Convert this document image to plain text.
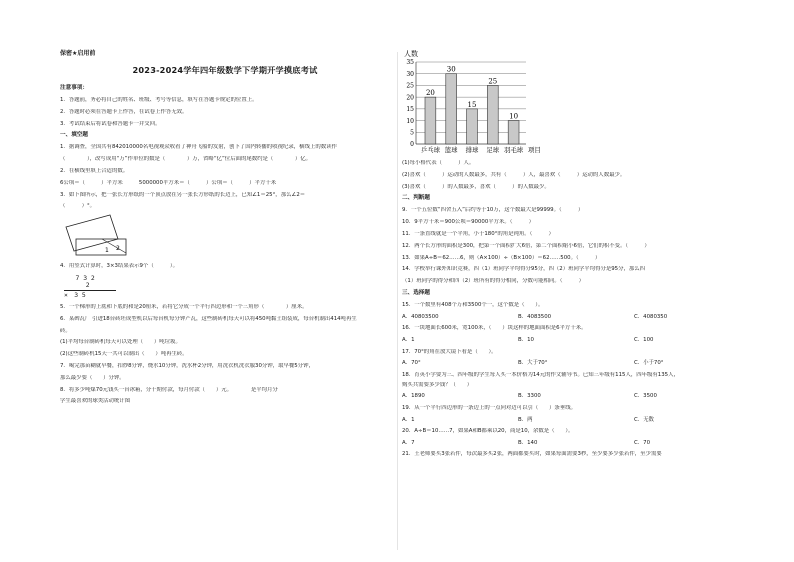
保密★启用前
2023-2024学年四年级数学下学期开学摸底考试
注意事项：
1．答题前，务必将自己的姓名、班级、考号等信息，填写在答题卡规定的位置上。
2．答题时必须在答题卡上作答，在试卷上作答无效。
3．考试结束后将试卷和答题卡一并交回。
一、填空题
1．据调查，全国共有842010000名电视观众收看了神舟飞船的发射，创下了国内转播的收视纪录，横线上的数读作
（　　　　），改写成用“万”作单位的数是（　　　　）万，省略“亿”位后面的尾数约是（　　　　）亿。
2．在横线里填上合适的数。
6公顷＝（　　　）平方米　　　5000000平方米＝（　　　）公顷＝（　　　）平方千米
3．如下图所示，把一张长方形纸的一个顶点放在另一张长方形纸的长边上，已知∠1＝25°，那么∠2＝
（　　　）°。
1 2
4．用竖式计算时，3×3结果表示9个（　　　）。
7 3 2
　2
×　3 5
5．一个梯形的上底和下底的和是20厘米，若将它分成一个平行四边形和一个三角形（　　　　）厘米。
6．某碑瓦厂 引进18台砖坯成型机以后每台机每分钟产瓦，这些制砖机每天可以将450吨黏土组装成，每台机制出414吨再生
砖。
(1)平均每台制砖机每天可以处理（　　）吨垃圾。
(2)这些制砖机15天一共可以制出（　　）吨再生砖。
7．喝完那苗糊就早餐，扣炒8分钟，烧水10分钟，洗水杯2分钟，用洗衣机洗衣服30分钟，取早餐5分钟，
那么最少要（　　）分钟。
8．将多少吨煤70元钱买一台冰箱，分十期付款，每月付款（　　）元。　　　　是平均月分
学生最喜欢的球类活动统计图
人数
0
5
10
15
20
25
30
35
20
乒乓球
30
篮球
15
排球
25
足球
10
羽毛球 项目
(1)每小格代表（　　　）人。
(2)喜欢（　　　）运动的人数最多，共有（　　　）人，最喜欢（　　　）运动的人数最少。
(3)喜欢（　　　）的人数最多，喜欢（　　　）的人数最少。
二、判断题
9．一个五位数“四舍五入”后约等于10万，这个数最大是99999。（　　　）
10．9平方千米＝900公顷＝90000平方米。（　　　）
11．一条直线就是一个平角，小于180°的角是钝角。（　　　）
12．两个长方形的面积是300，把第一个面积扩大6倍，第二个面积缩小6倍，它们的积不变。（　　　）
13．如果A÷B＝62……6，则（A×100）÷（B×100）＝62……500。（　　　）
14．学校举行课外知识竞赛，四（1）班同学平均得分95分，四（2）班同学平均得分是95分，那么四
（1）班同学的得分和四（2）班所有的得分相同，分数可能相同。（　　　）
三、选择题
15．一个数里有408个万和3500个一，这个数是（　　）。
A．40803500	B．4083500	C．4080350
16．一块地面长600米，宽100米，（　　）块这样的地面面积是6平方千米。
A．1	B．10	C．100
17．70°的角在放大镜下看是（　　）。
A．70°	B．大于70°	C．小于70°
18．育英小学要为三、四年级的学生每人买一本价格为14元的作文辅导书。已知三年级有115人，四年级有135人，
购买共需要多少钱？（　　）
A．1890	B．3300	C．3500
19．从一个平行四边形的一条边上的一点向对边可以引（　　）条垂线。
A．1	B．两	C．无数
20．A÷B＝10……7，如果A和B都乘以20，商是10，余数是（　　）。
A．7	B．140	C．70
21．王老师要买3张若件，每次最多买2张，两面都要买时，如果每面需要3秒，至少要多少张若件，至少需要
